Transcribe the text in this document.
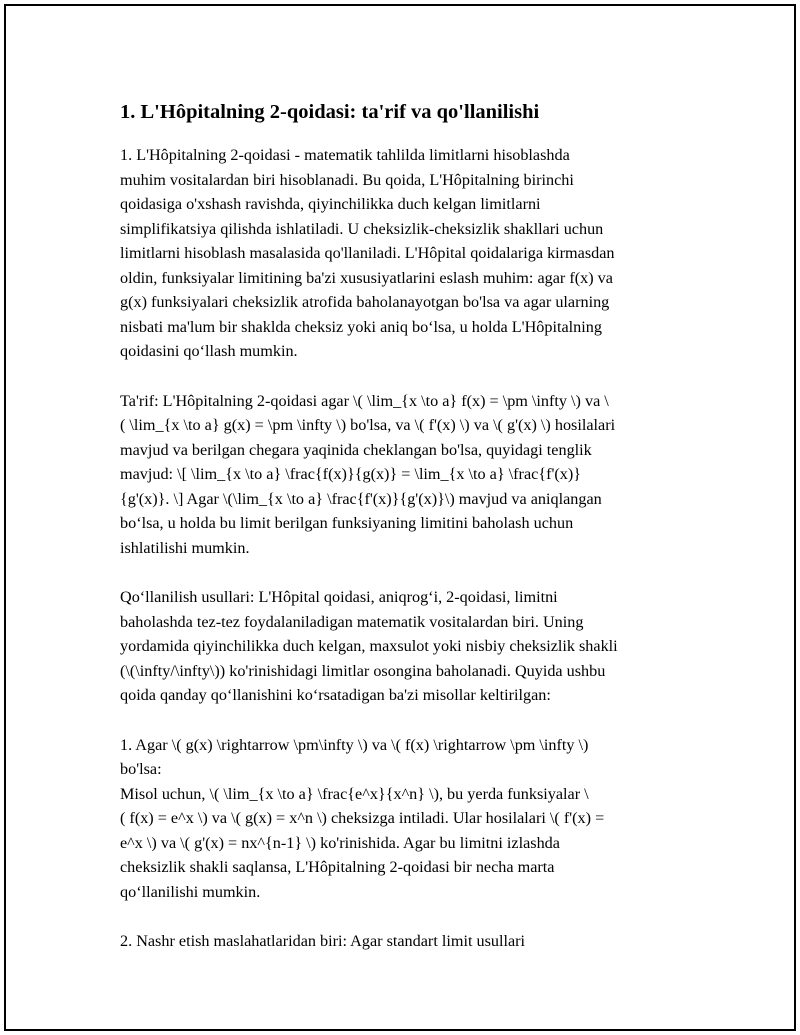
1. L'Hôpitalning 2-qoidasi: ta'rif va qo'llanilishi

1. L'Hôpitalning 2-qoidasi - matematik tahlilda limitlarni hisoblashda
muhim vositalardan biri hisoblanadi. Bu qoida, L'Hôpitalning birinchi
qoidasiga o'xshash ravishda, qiyinchilikka duch kelgan limitlarni
simplifikatsiya qilishda ishlatiladi. U cheksizlik-cheksizlik shakllari uchun
limitlarni hisoblash masalasida qo'llaniladi. L'Hôpital qoidalariga kirmasdan
oldin, funksiyalar limitining ba'zi xususiyatlarini eslash muhim: agar f(x) va
g(x) funksiyalari cheksizlik atrofida baholanayotgan bo'lsa va agar ularning
nisbati ma'lum bir shaklda cheksiz yoki aniq bo‘lsa, u holda L'Hôpitalning
qoidasini qo‘llash mumkin.

Ta'rif: L'Hôpitalning 2-qoidasi agar \( \lim_{x \to a} f(x) = \pm \infty \) va \
( \lim_{x \to a} g(x) = \pm \infty \) bo'lsa, va \( f'(x) \) va \( g'(x) \) hosilalari
mavjud va berilgan chegara yaqinida cheklangan bo'lsa, quyidagi tenglik
mavjud: \[ \lim_{x \to a} \frac{f(x)}{g(x)} = \lim_{x \to a} \frac{f'(x)}
{g'(x)}. \] Agar \(\lim_{x \to a} \frac{f'(x)}{g'(x)}\) mavjud va aniqlangan
bo‘lsa, u holda bu limit berilgan funksiyaning limitini baholash uchun
ishlatilishi mumkin.

Qo‘llanilish usullari: L'Hôpital qoidasi, aniqrog‘i, 2-qoidasi, limitni
baholashda tez-tez foydalaniladigan matematik vositalardan biri. Uning
yordamida qiyinchilikka duch kelgan, maxsulot yoki nisbiy cheksizlik shakli
(\(\infty/\infty\)) ko'rinishidagi limitlar osongina baholanadi. Quyida ushbu
qoida qanday qo‘llanishini ko‘rsatadigan ba'zi misollar keltirilgan:

1. Agar \( g(x) \rightarrow \pm\infty \) va \( f(x) \rightarrow \pm \infty \)
bo'lsa:
Misol uchun, \( \lim_{x \to a} \frac{e^x}{x^n} \), bu yerda funksiyalar \
( f(x) = e^x \) va \( g(x) = x^n \) cheksizga intiladi. Ular hosilalari \( f'(x) =
e^x \) va \( g'(x) = nx^{n-1} \) ko'rinishida. Agar bu limitni izlashda
cheksizlik shakli saqlansa, L'Hôpitalning 2-qoidasi bir necha marta
qo‘llanilishi mumkin.

2. Nashr etish maslahatlaridan biri: Agar standart limit usullari
